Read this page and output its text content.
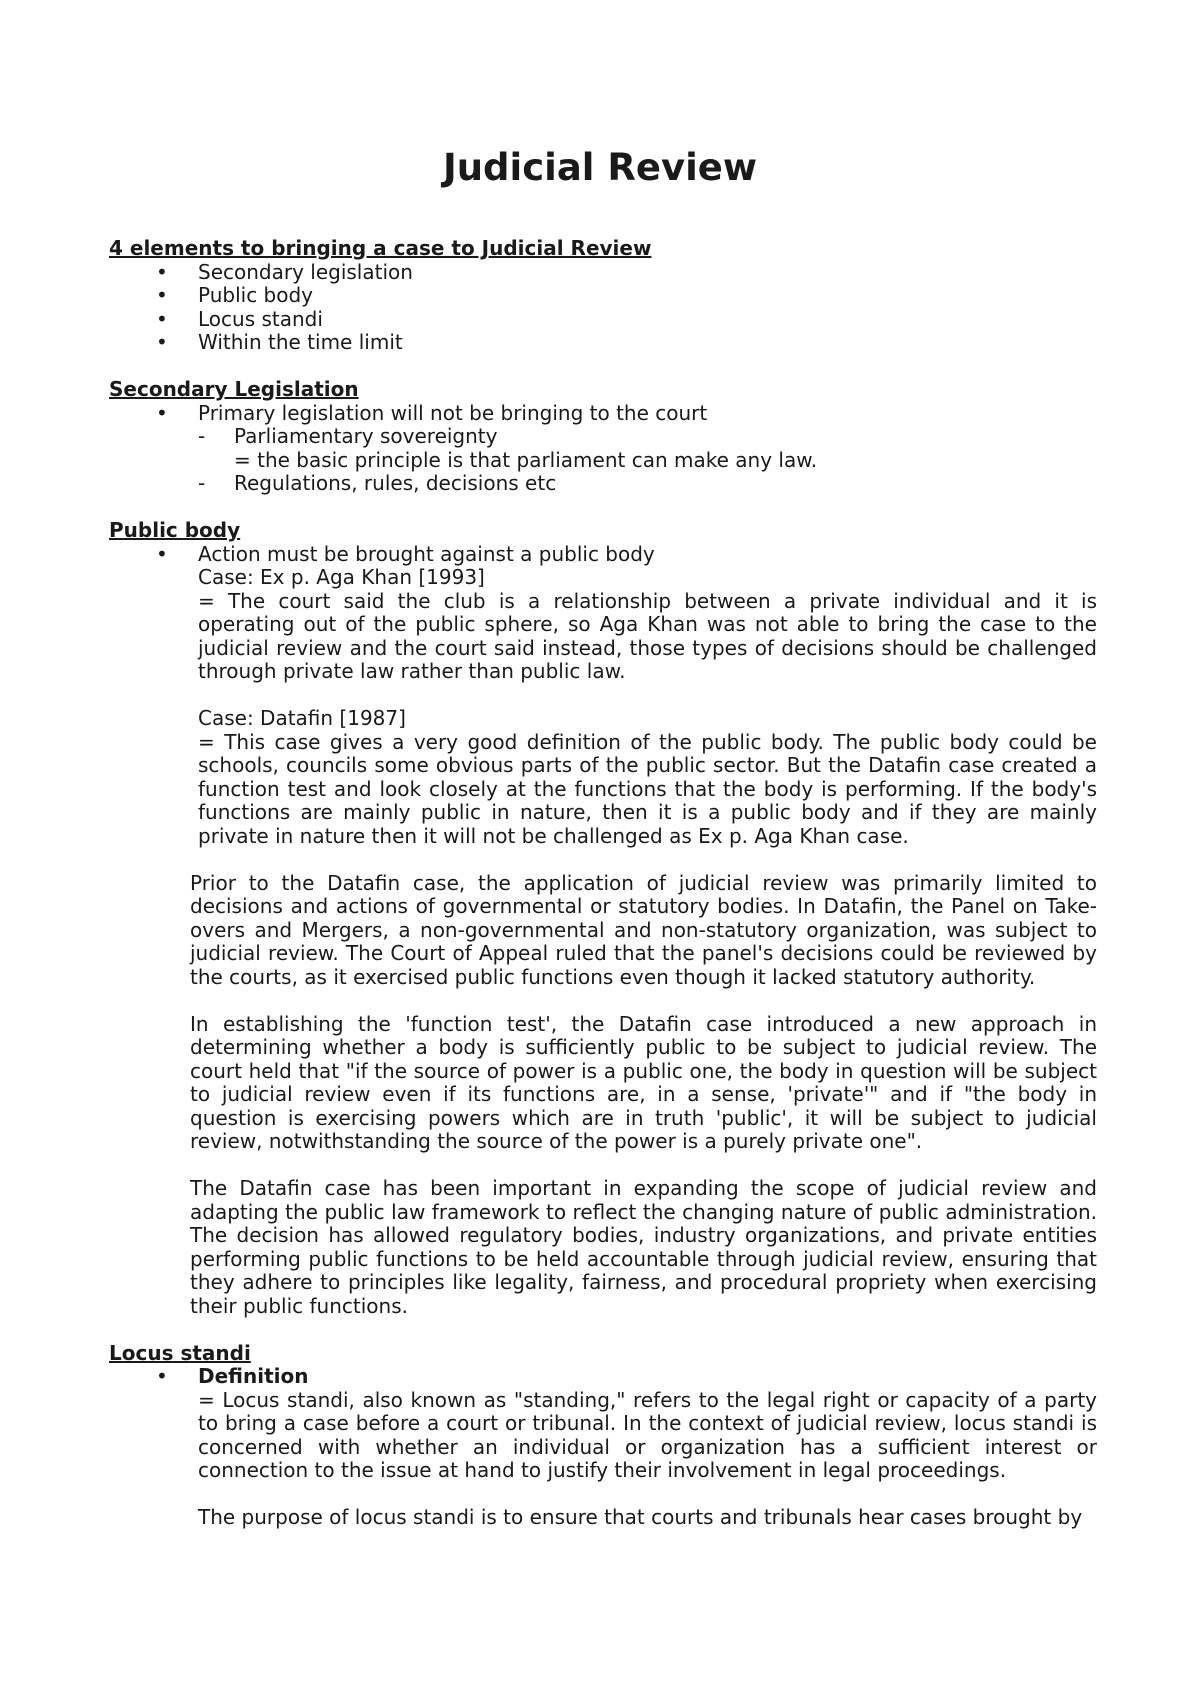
Judicial Review
4 elements to bringing a case to Judicial Review
• Secondary legislation
• Public body
• Locus standi
• Within the time limit
Secondary Legislation
• Primary legislation will not be bringing to the court
- Parliamentary sovereignty
= the basic principle is that parliament can make any law.
- Regulations, rules, decisions etc
Public body
• Action must be brought against a public body
Case: Ex p. Aga Khan [1993]
= The court said the club is a relationship between a private individual and it is operating out of the public sphere, so Aga Khan was not able to bring the case to the judicial review and the court said instead, those types of decisions should be challenged through private law rather than public law.
Case: Datafin [1987]
= This case gives a very good definition of the public body. The public body could be schools, councils some obvious parts of the public sector. But the Datafin case created a function test and look closely at the functions that the body is performing. If the body's functions are mainly public in nature, then it is a public body and if they are mainly private in nature then it will not be challenged as Ex p. Aga Khan case.
Prior to the Datafin case, the application of judicial review was primarily limited to decisions and actions of governmental or statutory bodies. In Datafin, the Panel on Take-overs and Mergers, a non-governmental and non-statutory organization, was subject to judicial review. The Court of Appeal ruled that the panel's decisions could be reviewed by the courts, as it exercised public functions even though it lacked statutory authority.
In establishing the 'function test', the Datafin case introduced a new approach in determining whether a body is sufficiently public to be subject to judicial review. The court held that "if the source of power is a public one, the body in question will be subject to judicial review even if its functions are, in a sense, 'private'" and if "the body in question is exercising powers which are in truth 'public', it will be subject to judicial review, notwithstanding the source of the power is a purely private one".
The Datafin case has been important in expanding the scope of judicial review and adapting the public law framework to reflect the changing nature of public administration. The decision has allowed regulatory bodies, industry organizations, and private entities performing public functions to be held accountable through judicial review, ensuring that they adhere to principles like legality, fairness, and procedural propriety when exercising their public functions.
Locus standi
• Definition
= Locus standi, also known as "standing," refers to the legal right or capacity of a party to bring a case before a court or tribunal. In the context of judicial review, locus standi is concerned with whether an individual or organization has a sufficient interest or connection to the issue at hand to justify their involvement in legal proceedings.
The purpose of locus standi is to ensure that courts and tribunals hear cases brought by
